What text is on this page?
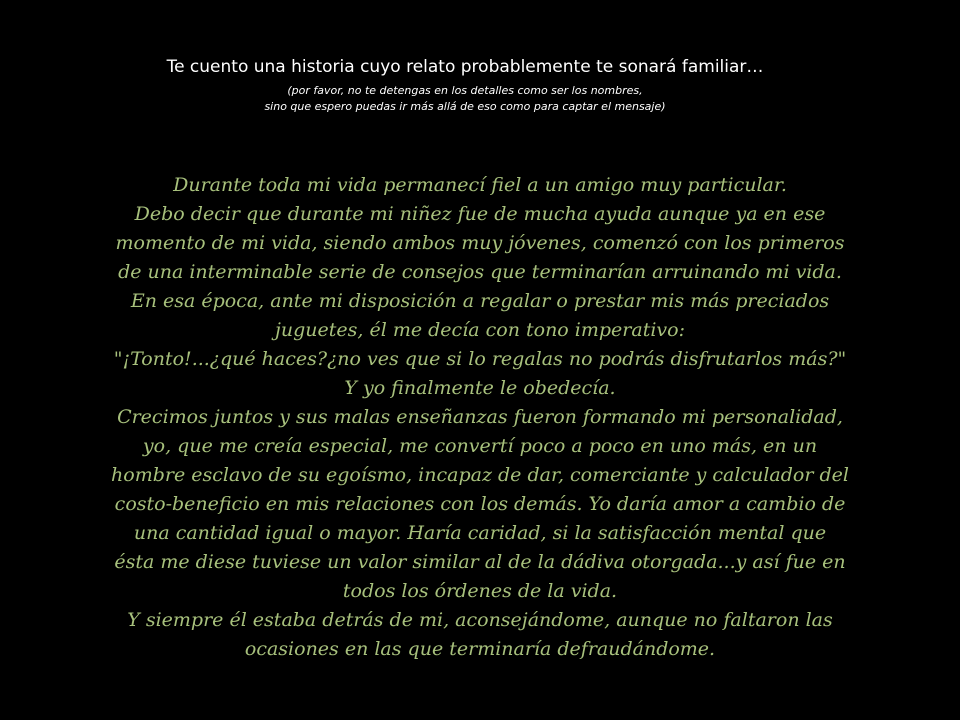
Te cuento una historia cuyo relato probablemente te sonará familiar…
(por favor, no te detengas en los detalles como ser los nombres,
sino que espero puedas ir más allá de eso como para captar el mensaje)
Durante toda mi vida permanecí fiel a un amigo muy particular.
Debo decir que durante mi niñez fue de mucha ayuda aunque ya en ese
momento de mi vida, siendo ambos muy jóvenes, comenzó con los primeros
de una interminable serie de consejos que terminarían arruinando mi vida.
En esa época, ante mi disposición a regalar o prestar mis más preciados
juguetes, él me decía con tono imperativo:
"¡Tonto!...¿qué haces?¿no ves que si lo regalas no podrás disfrutarlos más?"
Y yo finalmente le obedecía.
Crecimos juntos y sus malas enseñanzas fueron formando mi personalidad,
yo, que me creía especial, me convertí poco a poco en uno más, en un
hombre esclavo de su egoísmo, incapaz de dar, comerciante y calculador del
costo-beneficio en mis relaciones con los demás. Yo daría amor a cambio de
una cantidad igual o mayor. Haría caridad, si la satisfacción mental que
ésta me diese tuviese un valor similar al de la dádiva otorgada...y así fue en
todos los órdenes de la vida.
Y siempre él estaba detrás de mi, aconsejándome, aunque no faltaron las
ocasiones en las que terminaría defraudándome.
